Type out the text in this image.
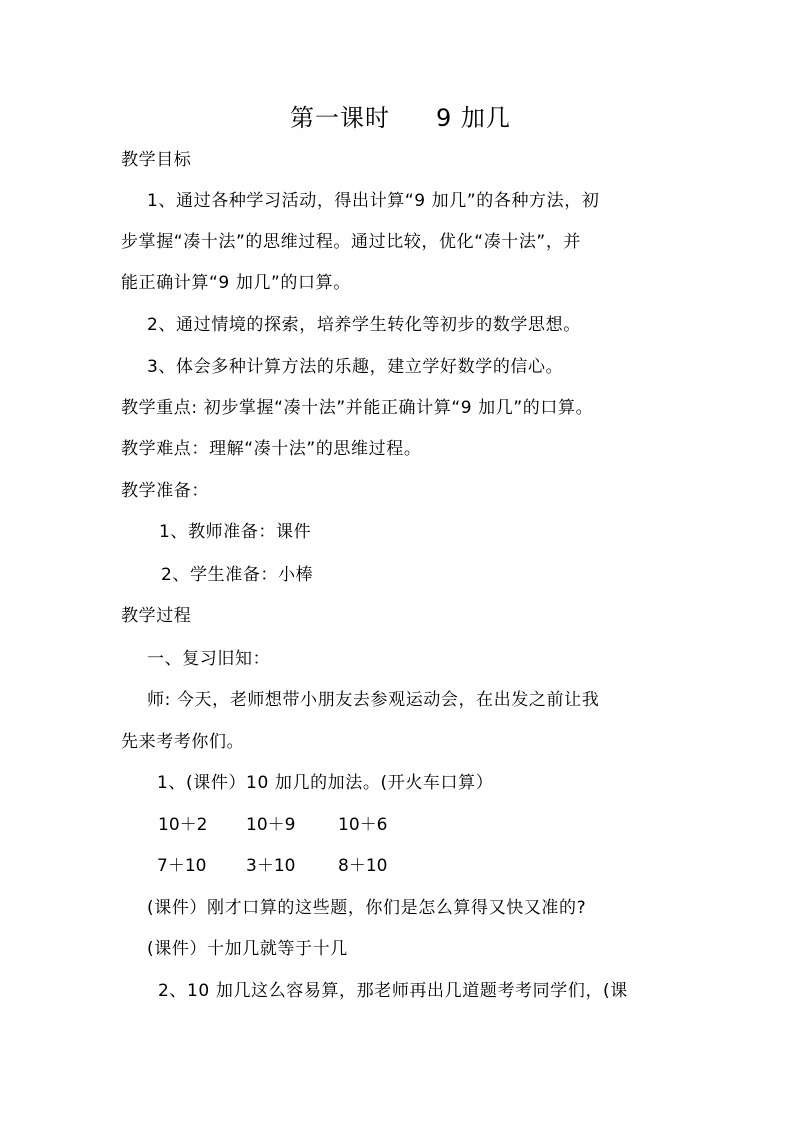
第一课时 9 加几
教学目标
1、通过各种学习活动，得出计算“9 加几”的各种方法，初
步掌握“凑十法”的思维过程。通过比较，优化“凑十法”，并
能正确计算“9 加几”的口算。
2、通过情境的探索，培养学生转化等初步的数学思想。
3、体会多种计算方法的乐趣，建立学好数学的信心。
教学重点: 初步掌握“凑十法”并能正确计算“9 加几”的口算。
教学难点：理解“凑十法”的思维过程。
教学准备：
1、教师准备：课件
2、学生准备：小棒
教学过程
一、复习旧知：
师: 今天，老师想带小朋友去参观运动会，在出发之前让我
先来考考你们。
1、(课件）10 加几的加法。(开火车口算）
10＋2 10＋9	10＋6
7＋10 3＋10	8＋10
(课件）刚才口算的这些题，你们是怎么算得又快又准的?
(课件）十加几就等于十几
2、10 加几这么容易算，那老师再出几道题考考同学们，(课
